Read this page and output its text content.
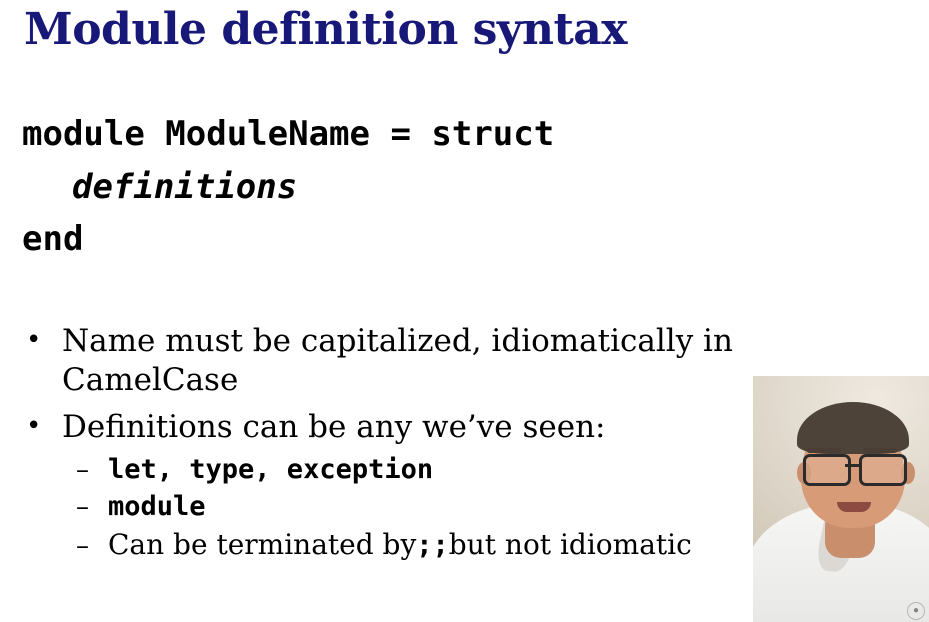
Module definition syntax
module ModuleName = struct
definitions
end
• Name must be capitalized, idiomatically in CamelCase
• Definitions can be any we’ve seen:
– let, type, exception
– module
– Can be terminated by ;; but not idiomatic
●
